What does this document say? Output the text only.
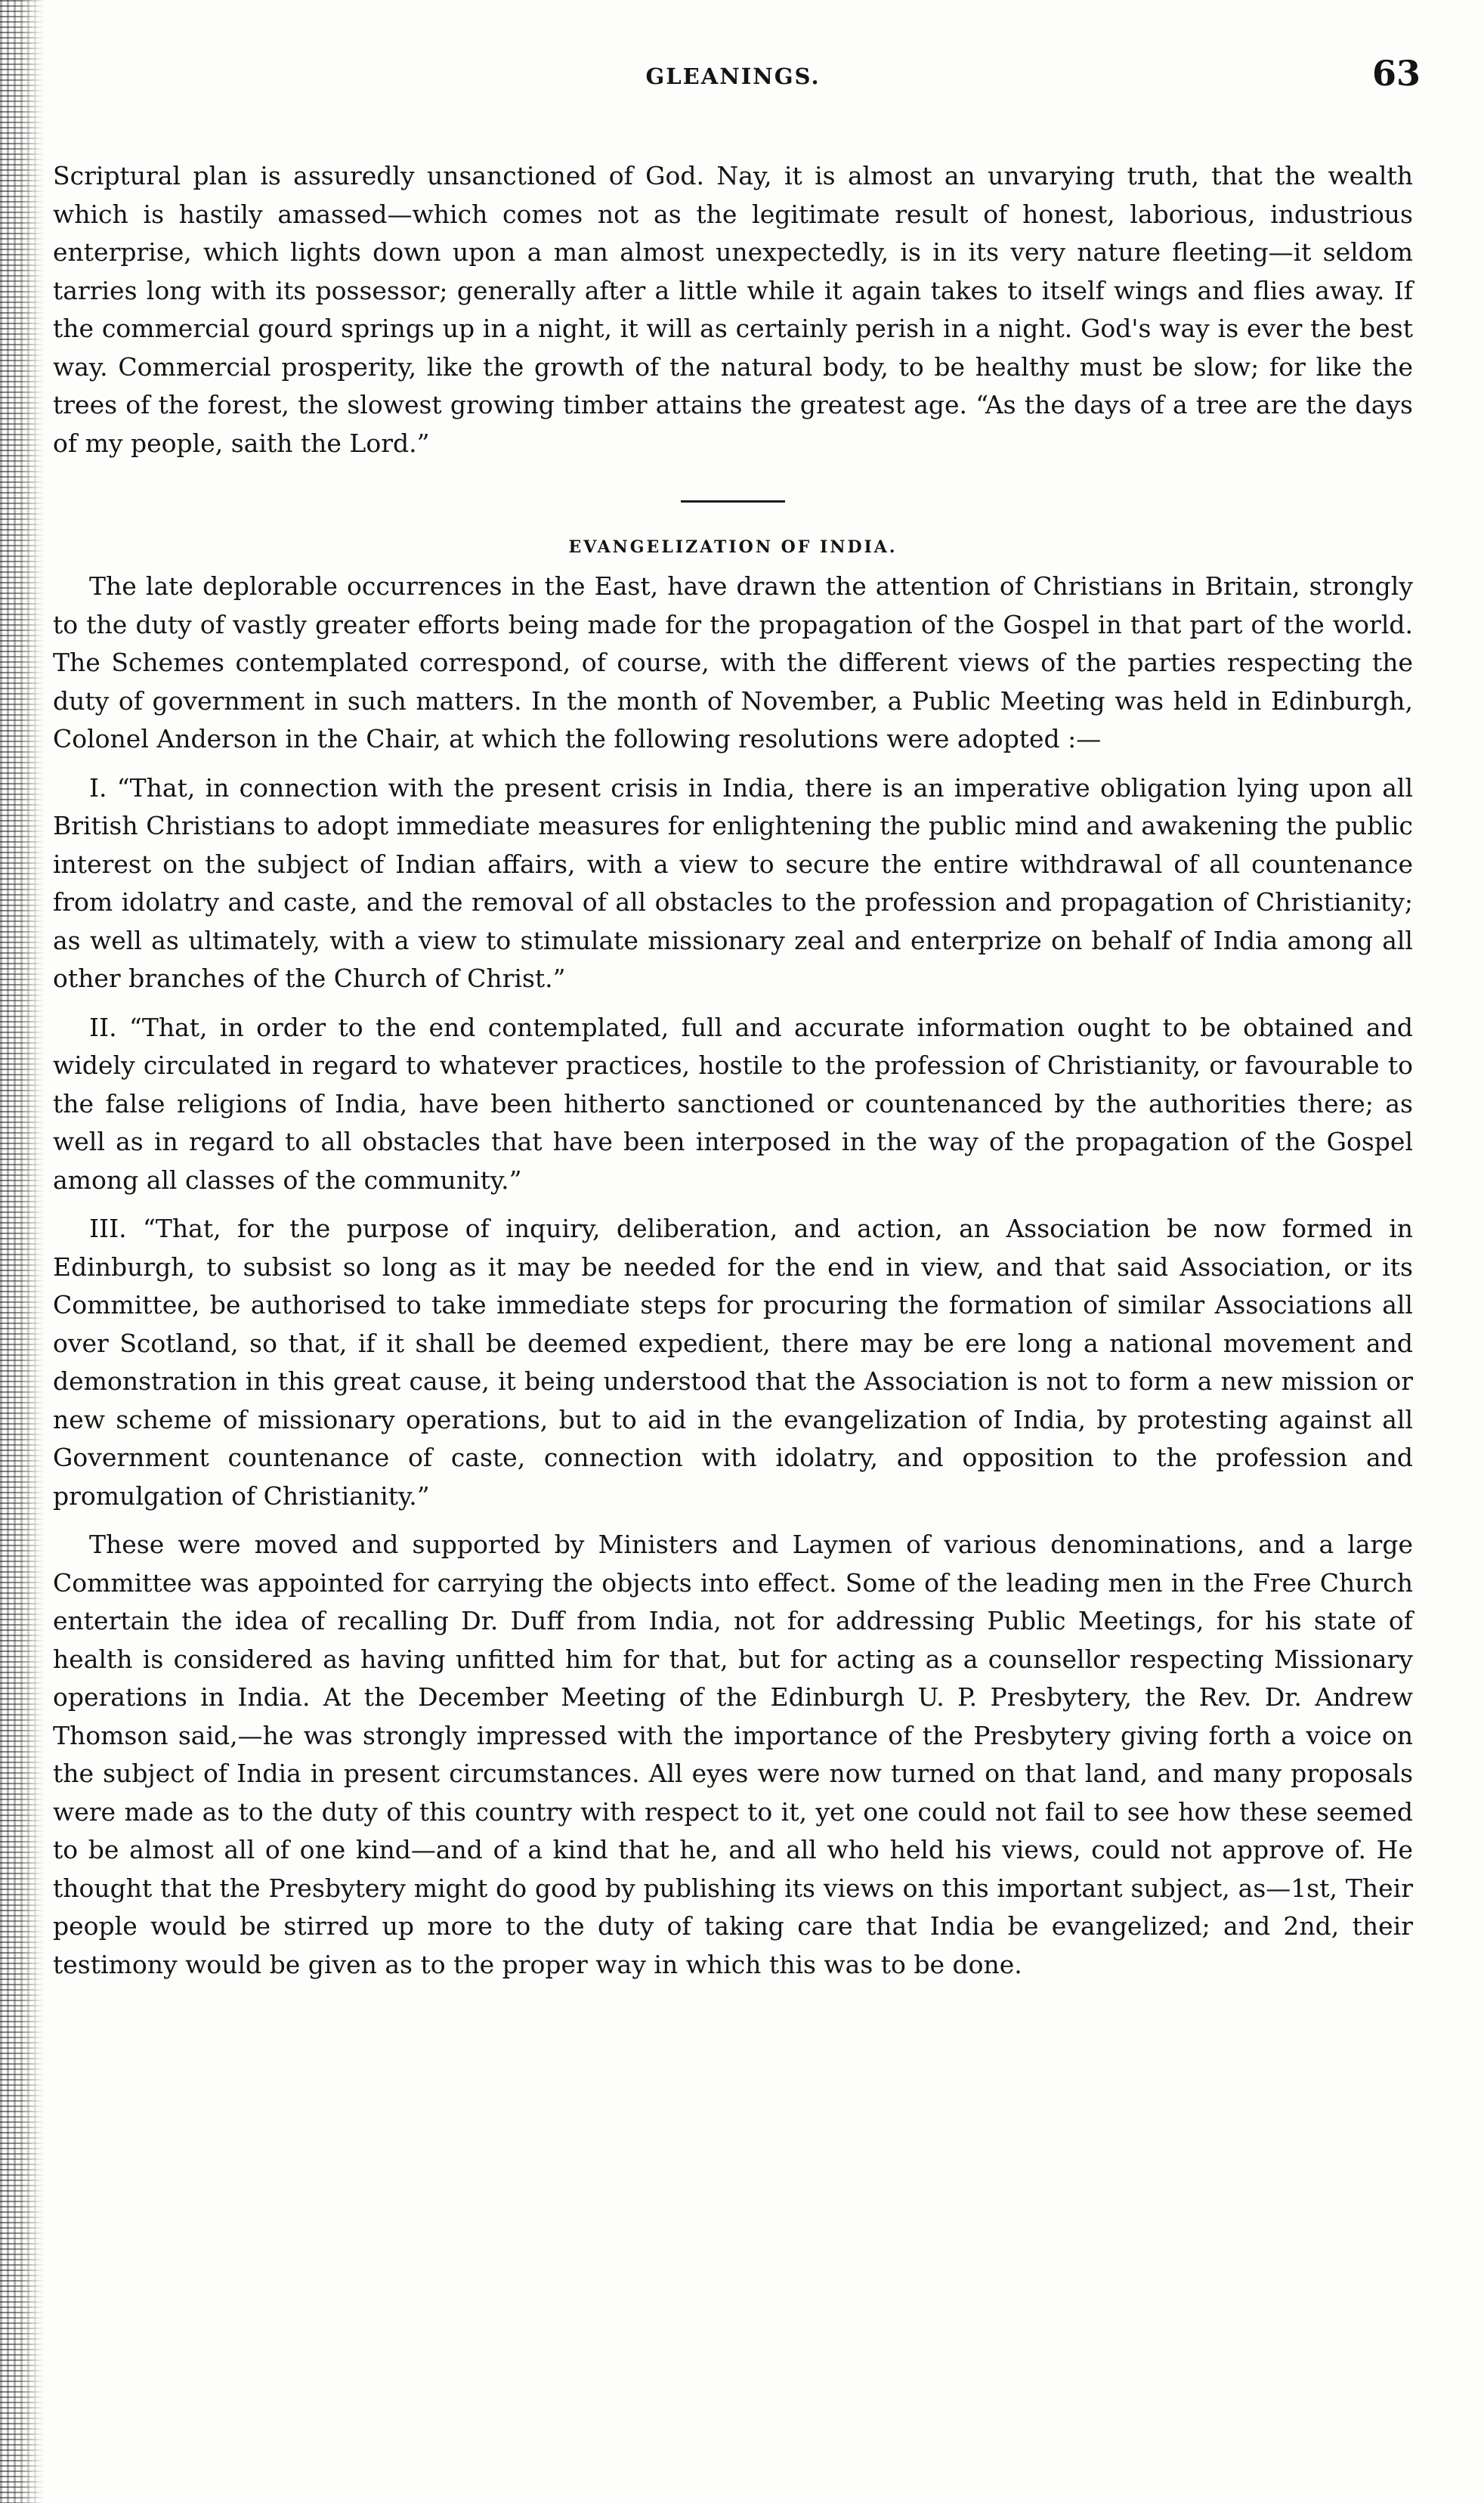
GLEANINGS.	63

Scriptural plan is assuredly unsanctioned of God. Nay, it is almost an unvarying truth, that the wealth which is hastily amassed—which comes not as the legitimate result of honest, laborious, industrious enterprise, which lights down upon a man almost unexpectedly, is in its very nature fleeting—it seldom tarries long with its possessor; generally after a little while it again takes to itself wings and flies away. If the commercial gourd springs up in a night, it will as certainly perish in a night. God's way is ever the best way. Commercial prosperity, like the growth of the natural body, to be healthy must be slow; for like the trees of the forest, the slowest growing timber attains the greatest age. “As the days of a tree are the days of my people, saith the Lord.”

EVANGELIZATION OF INDIA.

The late deplorable occurrences in the East, have drawn the attention of Christians in Britain, strongly to the duty of vastly greater efforts being made for the propagation of the Gospel in that part of the world. The Schemes contemplated correspond, of course, with the different views of the parties respecting the duty of government in such matters. In the month of November, a Public Meeting was held in Edinburgh, Colonel Anderson in the Chair, at which the following resolutions were adopted :—

I. “That, in connection with the present crisis in India, there is an imperative obligation lying upon all British Christians to adopt immediate measures for enlightening the public mind and awakening the public interest on the subject of Indian affairs, with a view to secure the entire withdrawal of all countenance from idolatry and caste, and the removal of all obstacles to the profession and propagation of Christianity; as well as ultimately, with a view to stimulate missionary zeal and enterprize on behalf of India among all other branches of the Church of Christ.”

II. “That, in order to the end contemplated, full and accurate information ought to be obtained and widely circulated in regard to whatever practices, hostile to the profession of Christianity, or favourable to the false religions of India, have been hitherto sanctioned or countenanced by the authorities there; as well as in regard to all obstacles that have been interposed in the way of the propagation of the Gospel among all classes of the community.”

III. “That, for the purpose of inquiry, deliberation, and action, an Association be now formed in Edinburgh, to subsist so long as it may be needed for the end in view, and that said Association, or its Committee, be authorised to take immediate steps for procuring the formation of similar Associations all over Scotland, so that, if it shall be deemed expedient, there may be ere long a national movement and demonstration in this great cause, it being understood that the Association is not to form a new mission or new scheme of missionary operations, but to aid in the evangelization of India, by protesting against all Government countenance of caste, connection with idolatry, and opposition to the profession and promulgation of Christianity.”

These were moved and supported by Ministers and Laymen of various denominations, and a large Committee was appointed for carrying the objects into effect. Some of the leading men in the Free Church entertain the idea of recalling Dr. Duff from India, not for addressing Public Meetings, for his state of health is considered as having unfitted him for that, but for acting as a counsellor respecting Missionary operations in India. At the December Meeting of the Edinburgh U. P. Presbytery, the Rev. Dr. Andrew Thomson said,—he was strongly impressed with the importance of the Presbytery giving forth a voice on the subject of India in present circumstances. All eyes were now turned on that land, and many proposals were made as to the duty of this country with respect to it, yet one could not fail to see how these seemed to be almost all of one kind—and of a kind that he, and all who held his views, could not approve of. He thought that the Presbytery might do good by publishing its views on this important subject, as—1st, Their people would be stirred up more to the duty of taking care that India be evangelized; and 2nd, their testimony would be given as to the proper way in which this was to be done.
